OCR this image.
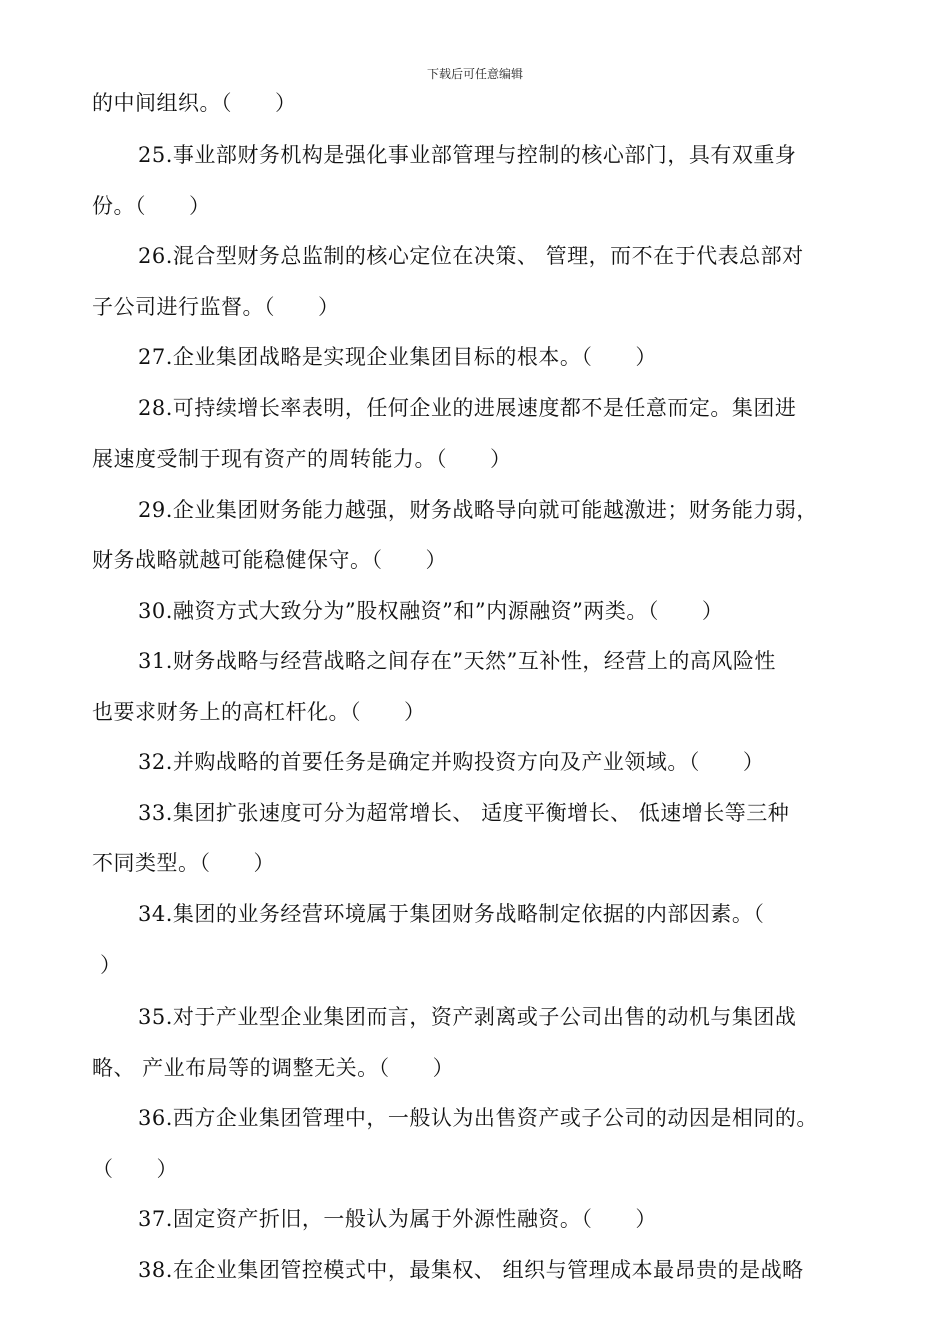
下载后可任意编辑
的中间组织。（　　）
25.事业部财务机构是强化事业部管理与控制的核心部门，具有双重身
份。（　　）
26.混合型财务总监制的核心定位在决策、 管理，而不在于代表总部对
子公司进行监督。（　　）
27.企业集团战略是实现企业集团目标的根本。（　　）
28.可持续增长率表明，任何企业的进展速度都不是任意而定。集团进
展速度受制于现有资产的周转能力。（　　）
29.企业集团财务能力越强，财务战略导向就可能越激进；财务能力弱，
财务战略就越可能稳健保守。（　　）
30.融资方式大致分为”股权融资”和”内源融资”两类。（　　）
31.财务战略与经营战略之间存在”天然”互补性，经营上的高风险性
也要求财务上的高杠杆化。（　　）
32.并购战略的首要任务是确定并购投资方向及产业领域。（　　）
33.集团扩张速度可分为超常增长、 适度平衡增长、 低速增长等三种
不同类型。（　　）
34.集团的业务经营环境属于集团财务战略制定依据的内部因素。（
）
35.对于产业型企业集团而言，资产剥离或子公司出售的动机与集团战
略、 产业布局等的调整无关。（　　）
36.西方企业集团管理中，一般认为出售资产或子公司的动因是相同的。
（　　）
37.固定资产折旧，一般认为属于外源性融资。（　　）
38.在企业集团管控模式中，最集权、 组织与管理成本最昂贵的是战略
